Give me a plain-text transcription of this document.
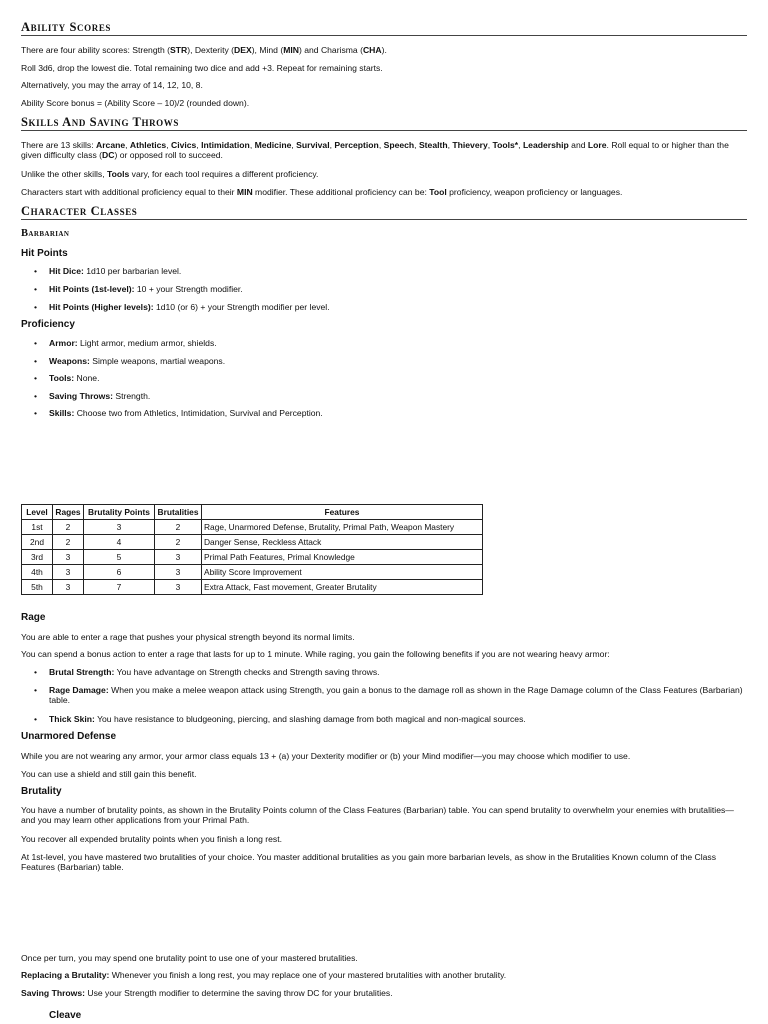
Ability Scores
There are four ability scores: Strength (STR), Dexterity (DEX), Mind (MIN) and Charisma (CHA).
Roll 3d6, drop the lowest die. Total remaining two dice and add +3. Repeat for remaining starts.
Alternatively, you may the array of 14, 12, 10, 8.
Ability Score bonus = (Ability Score – 10)/2 (rounded down).
Skills And Saving Throws
There are 13 skills: Arcane, Athletics, Civics, Intimidation, Medicine, Survival, Perception, Speech, Stealth, Thievery, Tools*, Leadership and Lore. Roll equal to or higher than the given difficulty class (DC) or opposed roll to succeed.
Unlike the other skills, Tools vary, for each tool requires a different proficiency.
Characters start with additional proficiency equal to their MIN modifier. These additional proficiency can be: Tool proficiency, weapon proficiency or languages.
Character Classes
Barbarian
Hit Points
• Hit Dice: 1d10 per barbarian level.
• Hit Points (1st-level): 10 + your Strength modifier.
• Hit Points (Higher levels): 1d10 (or 6) + your Strength modifier per level.
Proficiency
• Armor: Light armor, medium armor, shields.
• Weapons: Simple weapons, martial weapons.
• Tools: None.
• Saving Throws: Strength.
• Skills: Choose two from Athletics, Intimidation, Survival and Perception.
Level	Rages	Brutality Points	Brutalities	Features
1st	2	3	2	Rage, Unarmored Defense, Brutality, Primal Path, Weapon Mastery
2nd	2	4	2	Danger Sense, Reckless Attack
3rd	3	5	3	Primal Path Features, Primal Knowledge
4th	3	6	3	Ability Score Improvement
5th	3	7	3	Extra Attack, Fast movement, Greater Brutality
Rage
You are able to enter a rage that pushes your physical strength beyond its normal limits.
You can spend a bonus action to enter a rage that lasts for up to 1 minute. While raging, you gain the following benefits if you are not wearing heavy armor:
• Brutal Strength: You have advantage on Strength checks and Strength saving throws.
• Rage Damage: When you make a melee weapon attack using Strength, you gain a bonus to the damage roll as shown in the Rage Damage column of the Class Features (Barbarian) table.
• Thick Skin: You have resistance to bludgeoning, piercing, and slashing damage from both magical and non-magical sources.
Unarmored Defense
While you are not wearing any armor, your armor class equals 13 + (a) your Dexterity modifier or (b) your Mind modifier—you may choose which modifier to use.
You can use a shield and still gain this benefit.
Brutality
You have a number of brutality points, as shown in the Brutality Points column of the Class Features (Barbarian) table. You can spend brutality to overwhelm your enemies with brutalities—and you may learn other applications from your Primal Path.
You recover all expended brutality points when you finish a long rest.
At 1st-level, you have mastered two brutalities of your choice. You master additional brutalities as you gain more barbarian levels, as show in the Brutalities Known column of the Class Features (Barbarian) table.
Once per turn, you may spend one brutality point to use one of your mastered brutalities.
Replacing a Brutality: Whenever you finish a long rest, you may replace one of your mastered brutalities with another brutality.
Saving Throws: Use your Strength modifier to determine the saving throw DC for your brutalities.
Cleave
